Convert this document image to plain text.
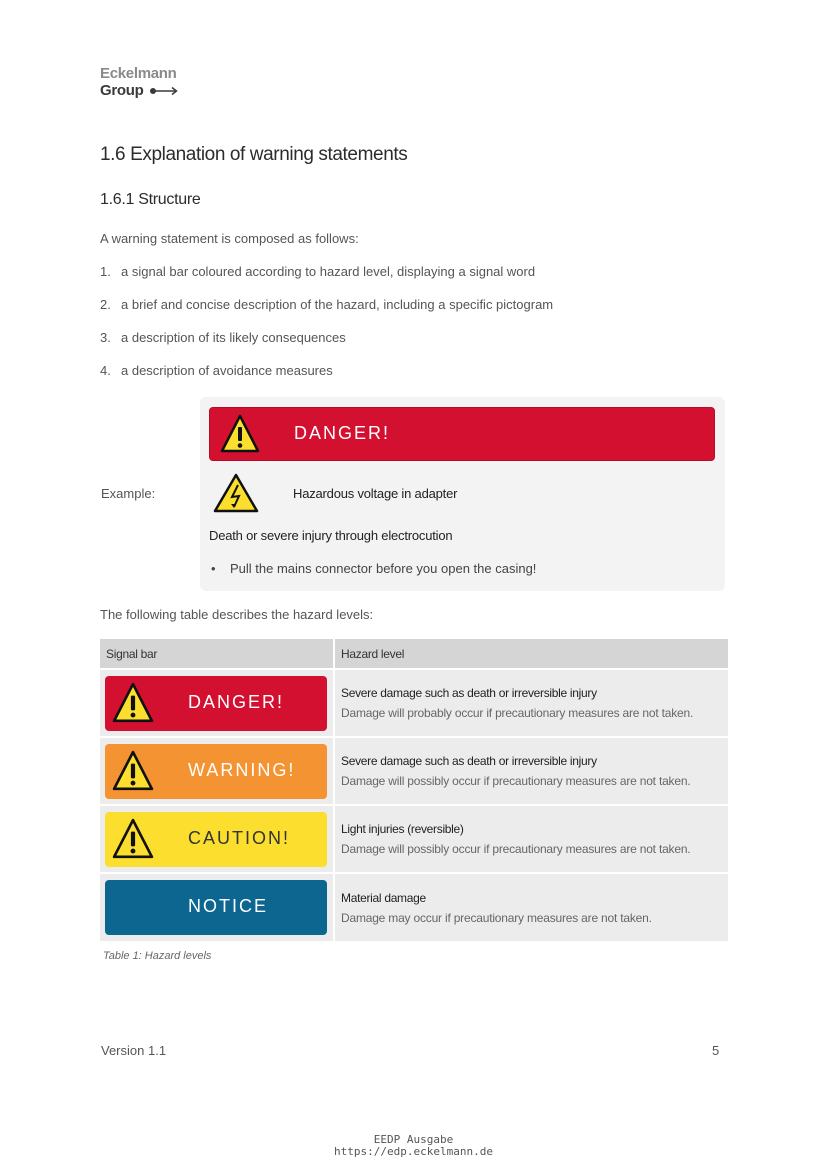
Eckelmann
Group
1.6 Explanation of warning statements
1.6.1 Structure
A warning statement is composed as follows:
1. a signal bar coloured according to hazard level, displaying a signal word
2. a brief and concise description of the hazard, including a specific pictogram
3. a description of its likely consequences
4. a description of avoidance measures
Example:
DANGER!
Hazardous voltage in adapter
Death or severe injury through electrocution
•	Pull the mains connector before you open the casing!
The following table describes the hazard levels:
Signal bar	Hazard level

DANGER!	Severe damage such as death or irreversible injury
Damage will probably occur if precautionary measures are not taken.

WARNING!	Severe damage such as death or irreversible injury
Damage will possibly occur if precautionary measures are not taken.

CAUTION!	Light injuries (reversible)
Damage will possibly occur if precautionary measures are not taken.

NOTICE	Material damage
Damage may occur if precautionary measures are not taken.
Table 1: Hazard levels
Version 1.1	5
EEDP Ausgabe
https://edp.eckelmann.de
